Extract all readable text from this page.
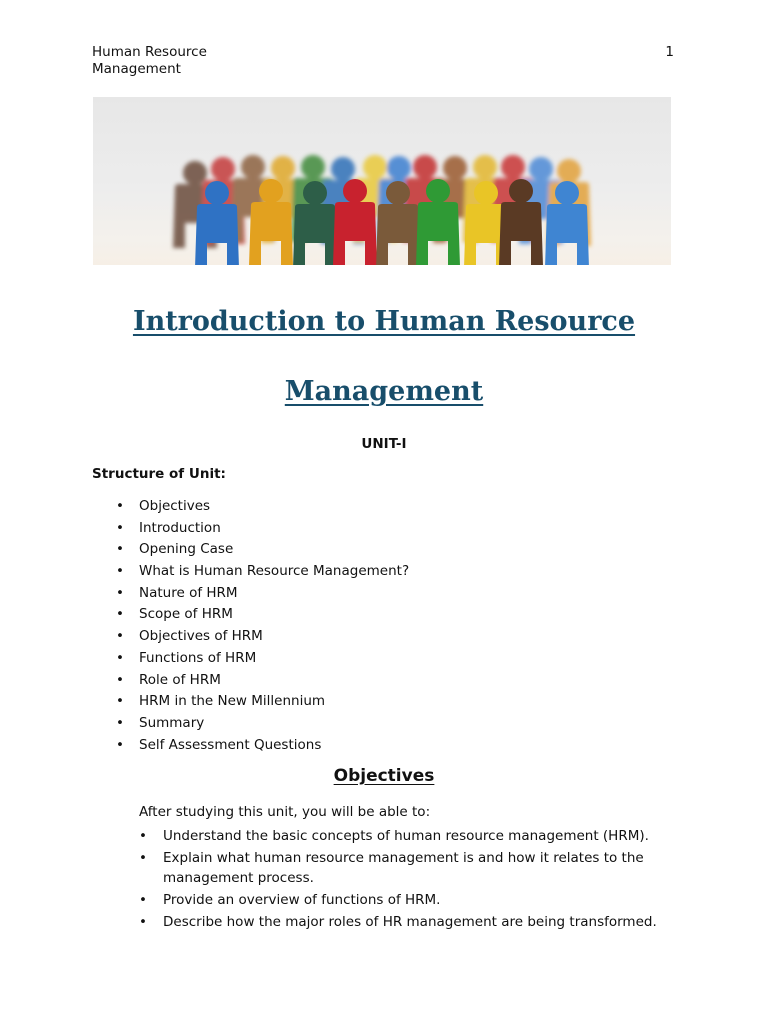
Human Resource Management
1
Introduction to Human Resource
Management
UNIT-I
Structure of Unit:
• Objectives
• Introduction
• Opening Case
• What is Human Resource Management?
• Nature of HRM
• Scope of HRM
• Objectives of HRM
• Functions of HRM
• Role of HRM
• HRM in the New Millennium
• Summary
• Self Assessment Questions
Objectives
After studying this unit, you will be able to:
• Understand the basic concepts of human resource management (HRM).
• Explain what human resource management is and how it relates to the management process.
• Provide an overview of functions of HRM.
• Describe how the major roles of HR management are being transformed.
